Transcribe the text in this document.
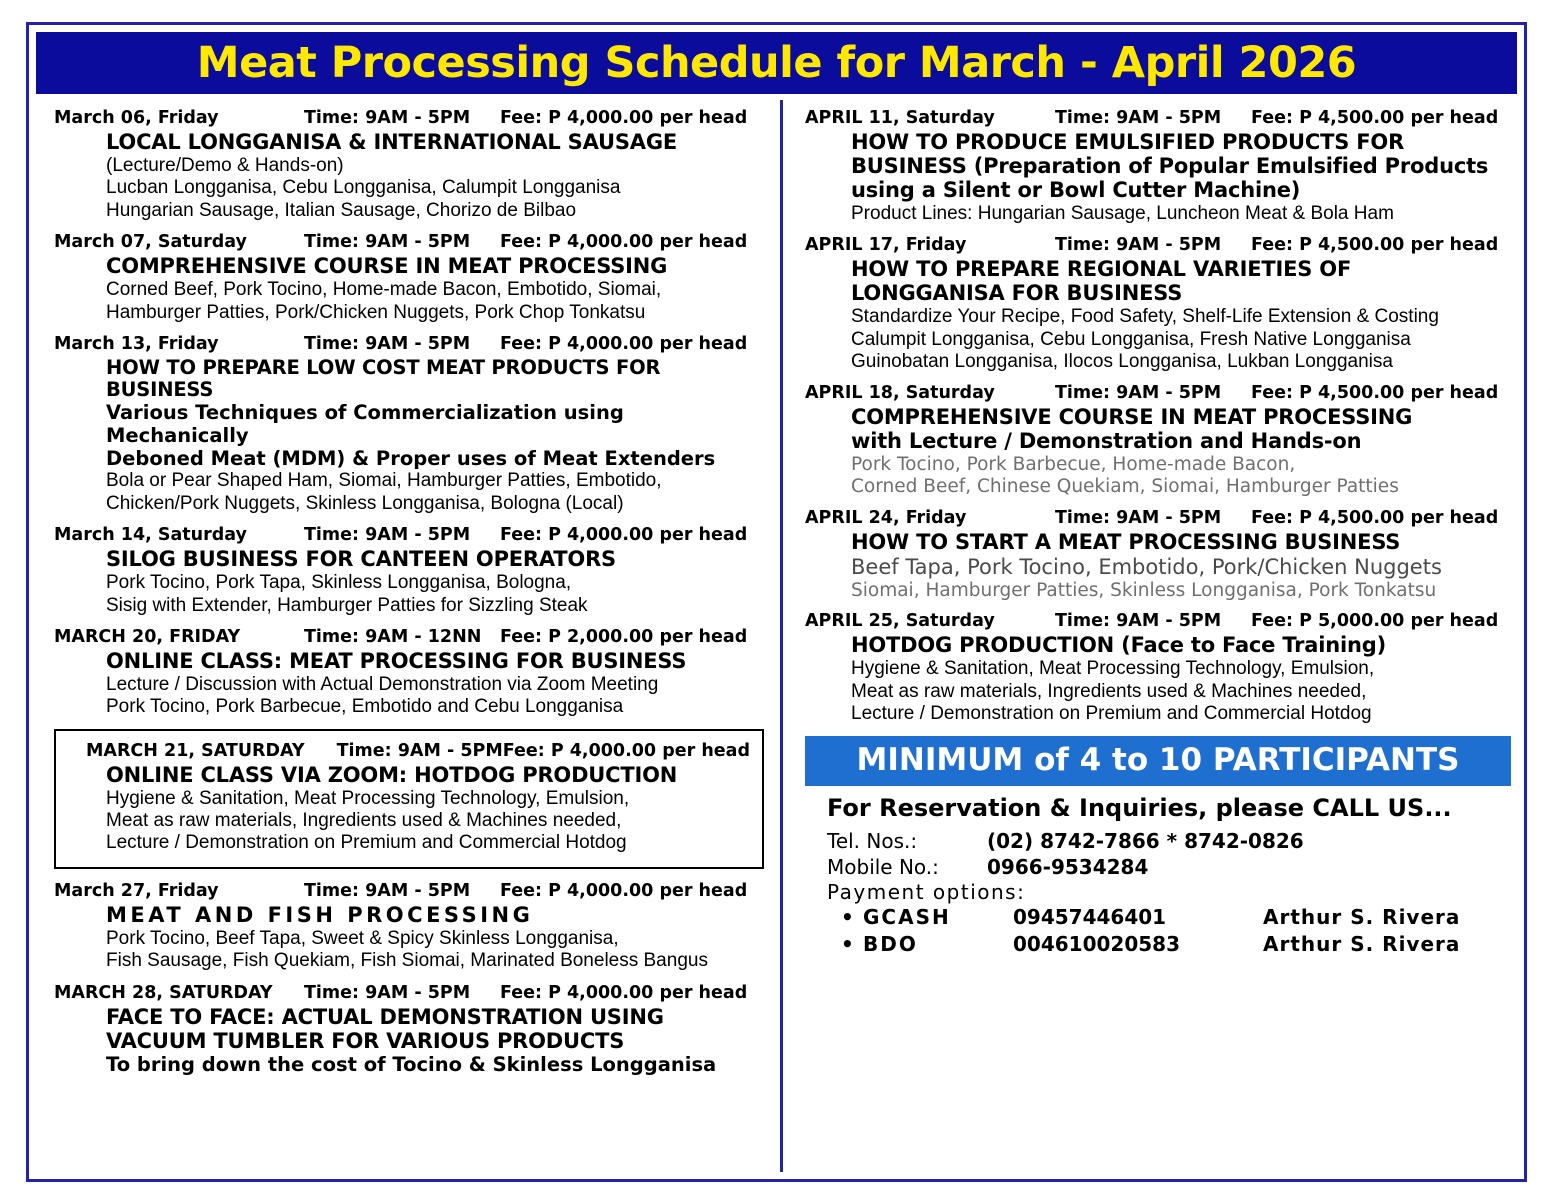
Meat Processing Schedule for March - April 2026
March 06, Friday	Time: 9AM - 5PM	Fee: P 4,000.00 per head
LOCAL LONGGANISA & INTERNATIONAL SAUSAGE
(Lecture/Demo & Hands-on)
Lucban Longganisa, Cebu Longganisa, Calumpit Longganisa
Hungarian Sausage, Italian Sausage, Chorizo de Bilbao
March 07, Saturday	Time: 9AM - 5PM	Fee: P 4,000.00 per head
COMPREHENSIVE COURSE IN MEAT PROCESSING
Corned Beef, Pork Tocino, Home-made Bacon, Embotido, Siomai,
Hamburger Patties, Pork/Chicken Nuggets, Pork Chop Tonkatsu
March 13, Friday	Time: 9AM - 5PM	Fee: P 4,000.00 per head
HOW TO PREPARE LOW COST MEAT PRODUCTS FOR BUSINESS
Various Techniques of Commercialization using Mechanically
Deboned Meat (MDM) & Proper uses of Meat Extenders
Bola or Pear Shaped Ham, Siomai, Hamburger Patties, Embotido,
Chicken/Pork Nuggets, Skinless Longganisa, Bologna (Local)
March 14, Saturday	Time: 9AM - 5PM	Fee: P 4,000.00 per head
SILOG BUSINESS FOR CANTEEN OPERATORS
Pork Tocino, Pork Tapa, Skinless Longganisa, Bologna,
Sisig with Extender, Hamburger Patties for Sizzling Steak
MARCH 20, FRIDAY	Time: 9AM - 12NN	Fee: P 2,000.00 per head
ONLINE CLASS: MEAT PROCESSING FOR BUSINESS
Lecture / Discussion with Actual Demonstration via Zoom Meeting
Pork Tocino, Pork Barbecue, Embotido and Cebu Longganisa
MARCH 21, SATURDAY	Time: 9AM - 5PM Fee: P 4,000.00 per head
ONLINE CLASS VIA ZOOM: HOTDOG PRODUCTION
Hygiene & Sanitation, Meat Processing Technology, Emulsion,
Meat as raw materials, Ingredients used & Machines needed,
Lecture / Demonstration on Premium and Commercial Hotdog
March 27, Friday	Time: 9AM - 5PM	Fee: P 4,000.00 per head
MEAT AND FISH PROCESSING
Pork Tocino, Beef Tapa, Sweet & Spicy Skinless Longganisa,
Fish Sausage, Fish Quekiam, Fish Siomai, Marinated Boneless Bangus
MARCH 28, SATURDAY	Time: 9AM - 5PM	Fee: P 4,000.00 per head
FACE TO FACE: ACTUAL DEMONSTRATION USING
VACUUM TUMBLER FOR VARIOUS PRODUCTS
To bring down the cost of Tocino & Skinless Longganisa
APRIL 11, Saturday	Time: 9AM - 5PM	Fee: P 4,500.00 per head
HOW TO PRODUCE EMULSIFIED PRODUCTS FOR
BUSINESS (Preparation of Popular Emulsified Products
using a Silent or Bowl Cutter Machine)
Product Lines: Hungarian Sausage, Luncheon Meat & Bola Ham
APRIL 17, Friday	Time: 9AM - 5PM	Fee: P 4,500.00 per head
HOW TO PREPARE REGIONAL VARIETIES OF
LONGGANISA FOR BUSINESS
Standardize Your Recipe, Food Safety, Shelf-Life Extension & Costing
Calumpit Longganisa, Cebu Longganisa, Fresh Native Longganisa
Guinobatan Longganisa, Ilocos Longganisa, Lukban Longganisa
APRIL 18, Saturday	Time: 9AM - 5PM	Fee: P 4,500.00 per head
COMPREHENSIVE COURSE IN MEAT PROCESSING
with Lecture / Demonstration and Hands-on
Pork Tocino, Pork Barbecue, Home-made Bacon,
Corned Beef, Chinese Quekiam, Siomai, Hamburger Patties
APRIL 24, Friday	Time: 9AM - 5PM	Fee: P 4,500.00 per head
HOW TO START A MEAT PROCESSING BUSINESS
Beef Tapa, Pork Tocino, Embotido, Pork/Chicken Nuggets
Siomai, Hamburger Patties, Skinless Longganisa, Pork Tonkatsu
APRIL 25, Saturday	Time: 9AM - 5PM	Fee: P 5,000.00 per head
HOTDOG PRODUCTION (Face to Face Training)
Hygiene & Sanitation, Meat Processing Technology, Emulsion,
Meat as raw materials, Ingredients used & Machines needed,
Lecture / Demonstration on Premium and Commercial Hotdog
MINIMUM of 4 to 10 PARTICIPANTS
For Reservation & Inquiries, please CALL US...
Tel. Nos.:	(02) 8742-7866 * 8742-0826
Mobile No.:	0966-9534284
Payment options:
• GCASH	09457446401	Arthur S. Rivera
• BDO	004610020583	Arthur S. Rivera
